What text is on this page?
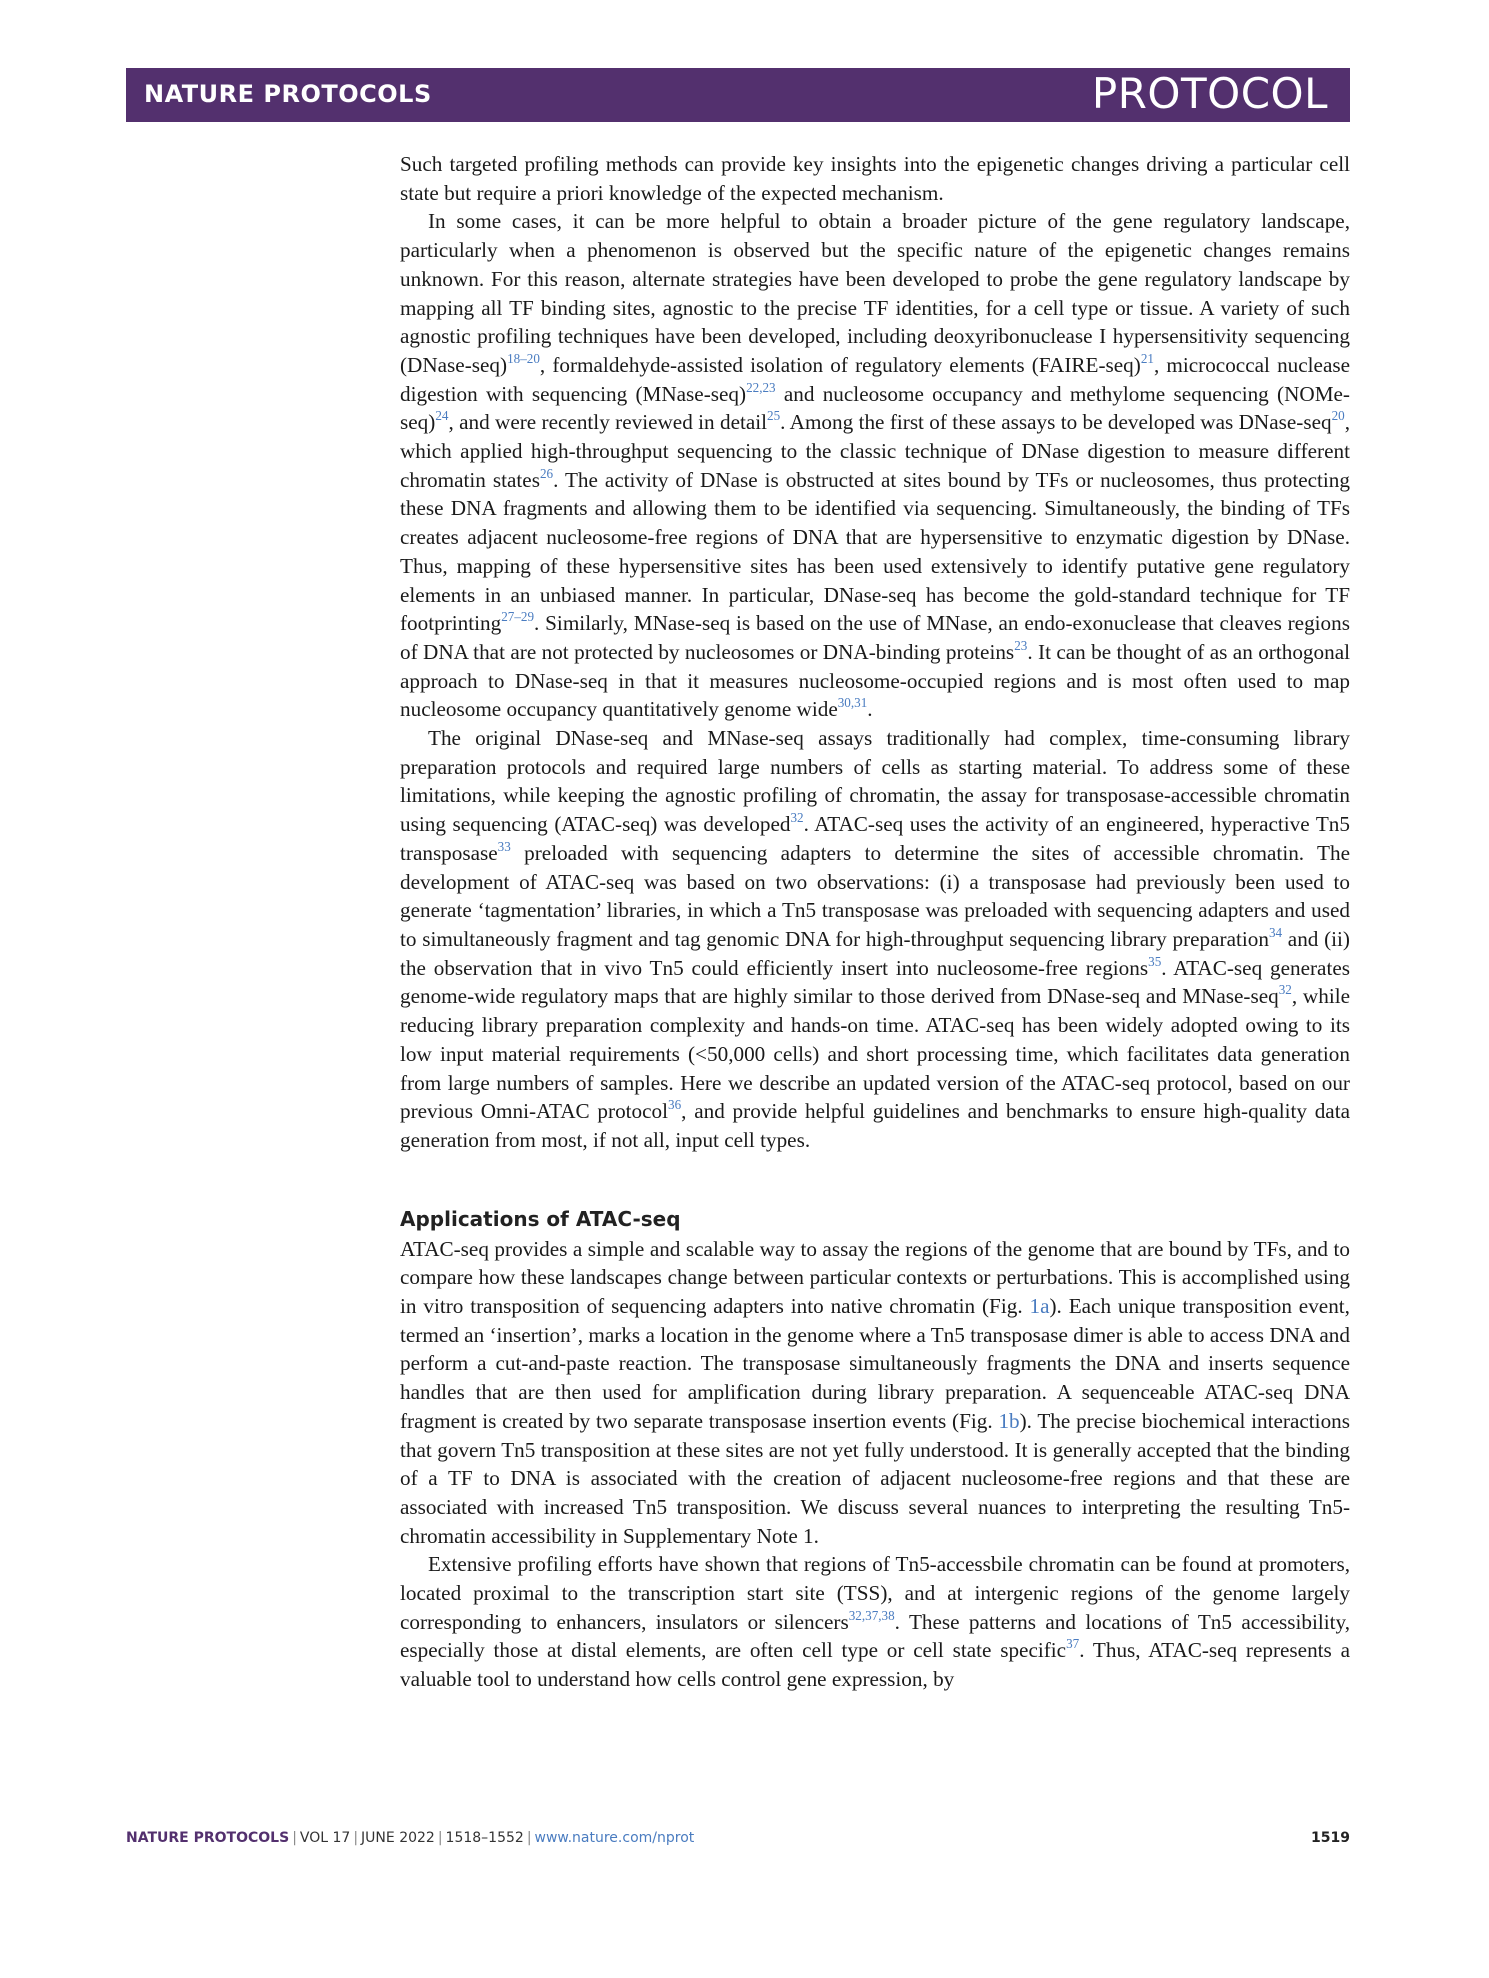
NATURE PROTOCOLS	PROTOCOL

Such targeted profiling methods can provide key insights into the epigenetic changes driving a particular cell state but require a priori knowledge of the expected mechanism.

In some cases, it can be more helpful to obtain a broader picture of the gene regulatory landscape, particularly when a phenomenon is observed but the specific nature of the epigenetic changes remains unknown. For this reason, alternate strategies have been developed to probe the gene regulatory landscape by mapping all TF binding sites, agnostic to the precise TF identities, for a cell type or tissue. A variety of such agnostic profiling techniques have been developed, including deoxyribonuclease I hypersensitivity sequencing (DNase-seq)$^{18-20}$, formaldehyde-assisted isolation of regulatory elements (FAIRE-seq)$^{21}$, micrococcal nuclease digestion with sequencing (MNase-seq)$^{22,23}$ and nucleosome occupancy and methylome sequencing (NOMe-seq)$^{24}$, and were recently reviewed in detail$^{25}$. Among the first of these assays to be developed was DNase-seq$^{20}$, which applied high-throughput sequencing to the classic technique of DNase digestion to measure different chromatin states$^{26}$. The activity of DNase is obstructed at sites bound by TFs or nucleosomes, thus protecting these DNA fragments and allowing them to be identified via sequencing. Simultaneously, the binding of TFs creates adjacent nucleosome-free regions of DNA that are hypersensitive to enzymatic digestion by DNase. Thus, mapping of these hypersensitive sites has been used extensively to identify putative gene regulatory elements in an unbiased manner. In particular, DNase-seq has become the gold-standard technique for TF footprinting$^{27-29}$. Similarly, MNase-seq is based on the use of MNase, an endo-exonuclease that cleaves regions of DNA that are not protected by nucleosomes or DNA-binding proteins$^{23}$. It can be thought of as an orthogonal approach to DNase-seq in that it measures nucleosome-occupied regions and is most often used to map nucleosome occupancy quantitatively genome wide$^{30,31}$.

The original DNase-seq and MNase-seq assays traditionally had complex, time-consuming library preparation protocols and required large numbers of cells as starting material. To address some of these limitations, while keeping the agnostic profiling of chromatin, the assay for transposase-accessible chromatin using sequencing (ATAC-seq) was developed$^{32}$. ATAC-seq uses the activity of an engineered, hyperactive Tn5 transposase$^{33}$ preloaded with sequencing adapters to determine the sites of accessible chromatin. The development of ATAC-seq was based on two observations: (i) a transposase had previously been used to generate ‘tagmentation’ libraries, in which a Tn5 transposase was preloaded with sequencing adapters and used to simultaneously fragment and tag genomic DNA for high-throughput sequencing library preparation$^{34}$ and (ii) the observation that in vivo Tn5 could efficiently insert into nucleosome-free regions$^{35}$. ATAC-seq generates genome-wide regulatory maps that are highly similar to those derived from DNase-seq and MNase-seq$^{32}$, while reducing library preparation complexity and hands-on time. ATAC-seq has been widely adopted owing to its low input material requirements (<50,000 cells) and short processing time, which facilitates data generation from large numbers of samples. Here we describe an updated version of the ATAC-seq protocol, based on our previous Omni-ATAC protocol$^{36}$, and provide helpful guidelines and benchmarks to ensure high-quality data generation from most, if not all, input cell types.

Applications of ATAC-seq

ATAC-seq provides a simple and scalable way to assay the regions of the genome that are bound by TFs, and to compare how these landscapes change between particular contexts or perturbations. This is accomplished using in vitro transposition of sequencing adapters into native chromatin (Fig. 1a). Each unique transposition event, termed an ‘insertion’, marks a location in the genome where a Tn5 transposase dimer is able to access DNA and perform a cut-and-paste reaction. The transposase simultaneously fragments the DNA and inserts sequence handles that are then used for amplification during library preparation. A sequenceable ATAC-seq DNA fragment is created by two separate transposase insertion events (Fig. 1b). The precise biochemical interactions that govern Tn5 transposition at these sites are not yet fully understood. It is generally accepted that the binding of a TF to DNA is associated with the creation of adjacent nucleosome-free regions and that these are associated with increased Tn5 transposition. We discuss several nuances to interpreting the resulting Tn5-chromatin accessibility in Supplementary Note 1.

Extensive profiling efforts have shown that regions of Tn5-accessbile chromatin can be found at promoters, located proximal to the transcription start site (TSS), and at intergenic regions of the genome largely corresponding to enhancers, insulators or silencers$^{32,37,38}$. These patterns and locations of Tn5 accessibility, especially those at distal elements, are often cell type or cell state specific$^{37}$. Thus, ATAC-seq represents a valuable tool to understand how cells control gene expression, by

NATURE PROTOCOLS | VOL 17 | JUNE 2022 | 1518–1552 | www.nature.com/nprot	1519
